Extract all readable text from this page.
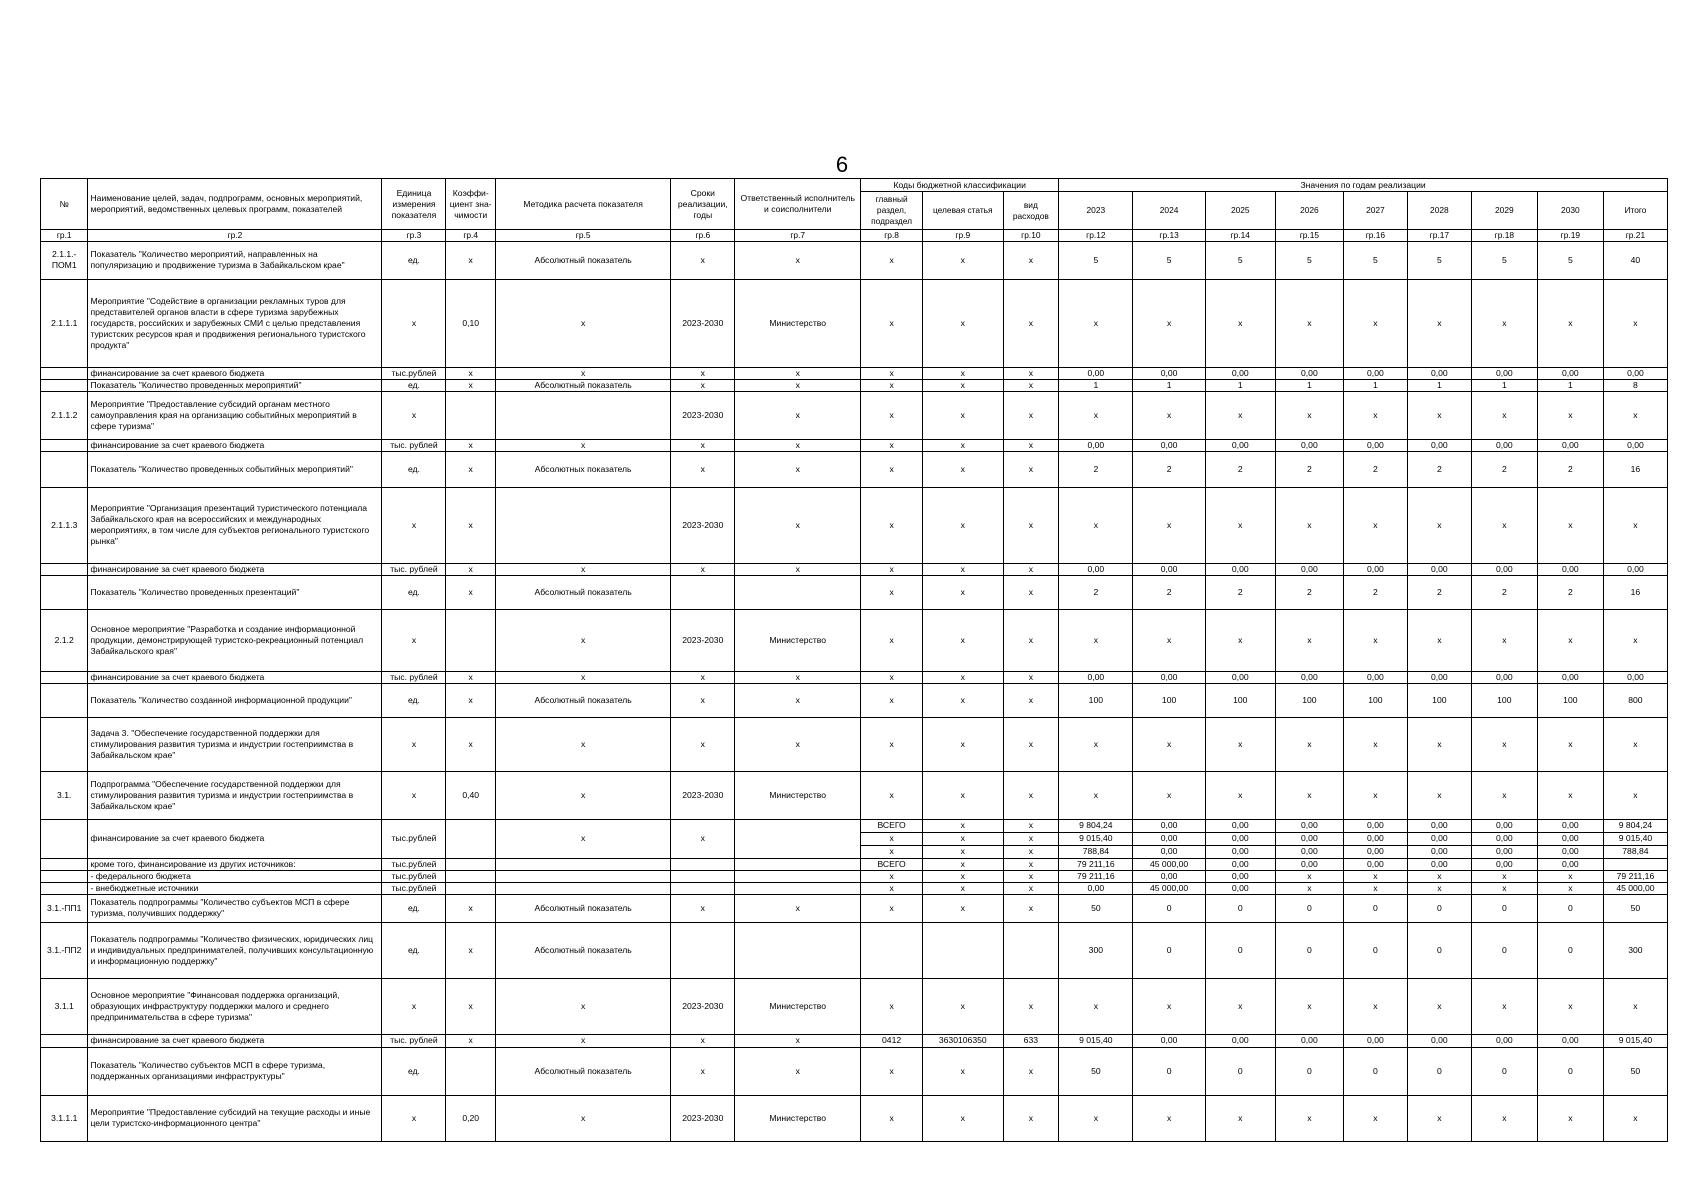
6
№	Наименование целей, задач, подпрограмм, основных мероприятий, мероприятий, ведомственных целевых программ, показателей	Единица измерения показателя	Коэффи-циент зна-чимости	Методика расчета показателя	Сроки реализации, годы	Ответственный исполнитель и соисполнители	Коды бюджетной классификации			Значения по годам реализации								
							главный раздел, подраздел	целевая статья	вид расходов	2023	2024	2025	2026	2027	2028	2029	2030	Итого
гр.1	гр.2	гр.3	гр.4	гр.5	гр.6	гр.7	гр.8	гр.9	гр.10	гр.12	гр.13	гр.14	гр.15	гр.16	гр.17	гр.18	гр.19	гр.21
2.1.1.-ПОМ1	Показатель "Количество мероприятий, направленных на популяризацию и продвижение туризма в Забайкальском крае"	ед.	х	Абсолютный показатель	х	х	х	х	х	5	5	5	5	5	5	5	5	40
2.1.1.1	Мероприятие "Содействие в организации рекламных туров для представителей органов власти в сфере туризма зарубежных государств, российских и зарубежных СМИ с целью представления туристских ресурсов края и продвижения регионального туристского продукта"	х	0,10	х	2023-2030	Министерство	х	х	х	х	х	х	х	х	х	х	х	х
	финансирование за счет краевого бюджета	тыс.рублей	х	х	х	х	х	х	х	0,00	0,00	0,00	0,00	0,00	0,00	0,00	0,00	0,00
	Показатель "Количество проведенных мероприятий"	ед.	х	Абсолютный показатель	х	х	х	х	х	1	1	1	1	1	1	1	1	8
2.1.1.2	Мероприятие "Предоставление субсидий органам местного самоуправления края на организацию событийных мероприятий в сфере туризма"	х			2023-2030	х	х	х	х	х	х	х	х	х	х	х	х	х
	финансирование за счет краевого бюджета	тыс. рублей	х	х	х	х	х	х	х	0,00	0,00	0,00	0,00	0,00	0,00	0,00	0,00	0,00
	Показатель "Количество проведенных событийных мероприятий"	ед.	х	Абсолютных показатель	х	х	х	х	х	2	2	2	2	2	2	2	2	16
2.1.1.3	Мероприятие "Организация презентаций туристического потенциала Забайкальского края на всероссийских и международных мероприятиях, в том числе для субъектов регионального туристского рынка"	х	х		2023-2030	х	х	х	х	х	х	х	х	х	х	х	х	х
	финансирование за счет краевого бюджета	тыс. рублей	х	х	х	х	х	х	х	0,00	0,00	0,00	0,00	0,00	0,00	0,00	0,00	0,00
	Показатель "Количество проведенных презентаций"	ед.	х	Абсолютный показатель			х	х	х	2	2	2	2	2	2	2	2	16
2.1.2	Основное мероприятие "Разработка и создание информационной продукции, демонстрирующей туристско-рекреационный потенциал Забайкальского края"	х		х	2023-2030	Министерство	х	х	х	х	х	х	х	х	х	х	х	х
	финансирование за счет краевого бюджета	тыс. рублей	х	х	х	х	х	х	х	0,00	0,00	0,00	0,00	0,00	0,00	0,00	0,00	0,00
	Показатель "Количество созданной информационной продукции"	ед.	х	Абсолютный показатель	х	х	х	х	х	100	100	100	100	100	100	100	100	800
	Задача 3. "Обеспечение государственной поддержки для стимулирования развития туризма и индустрии гостеприимства в Забайкальском крае"	х	х	х	х	х	х	х	х	х	х	х	х	х	х	х	х	х
3.1.	Подпрограмма "Обеспечение государственной поддержки для стимулирования развития туризма и индустрии гостеприимства в Забайкальском крае"	х	0,40	х	2023-2030	Министерство	х	х	х	х	х	х	х	х	х	х	х	х
	финансирование за счет краевого бюджета	тыс.рублей		х	х		ВСЕГО	х	х	9 804,24	0,00	0,00	0,00	0,00	0,00	0,00	0,00	9 804,24
							х	х	х	9 015,40	0,00	0,00	0,00	0,00	0,00	0,00	0,00	9 015,40
							х	х	х	788,84	0,00	0,00	0,00	0,00	0,00	0,00	0,00	788,84
	кроме того, финансирование из других источников:	тыс.рублей					ВСЕГО	х	х	79 211,16	45 000,00	0,00	0,00	0,00	0,00	0,00	0,00	
	- федерального бюджета	тыс.рублей					х	х	х	79 211,16	0,00	0,00	х	х	х	х	х	79 211,16
	- внебюджетные источники	тыс.рублей					х	х	х	0,00	45 000,00	0,00	х	х	х	х	х	45 000,00
3.1.-ПП1	Показатель подпрограммы "Количество субъектов МСП в сфере туризма, получивших поддержку"	ед.	х	Абсолютный показатель	х	х	х	х	х	50	0	0	0	0	0	0	0	50
3.1.-ПП2	Показатель подпрограммы "Количество физических, юридических лиц и индивидуальных предпринимателей, получивших консультационную и информационную поддержку"	ед.	х	Абсолютный показатель						300	0	0	0	0	0	0	0	300
3.1.1	Основное мероприятие "Финансовая поддержка организаций, образующих инфраструктуру поддержки малого и среднего предпринимательства в сфере туризма"	х	х	х	2023-2030	Министерство	х	х	х	х	х	х	х	х	х	х	х	х
	финансирование за счет краевого бюджета	тыс. рублей	х	х	х	х	0412	3630106350	633	9 015,40	0,00	0,00	0,00	0,00	0,00	0,00	0,00	9 015,40
	Показатель "Количество субъектов МСП в сфере туризма, поддержанных организациями инфраструктуры"	ед.		Абсолютный показатель	х	х	х	х	х	50	0	0	0	0	0	0	0	50
3.1.1.1	Мероприятие "Предоставление субсидий на текущие расходы и иные цели туристско-информационного центра"	х	0,20	х	2023-2030	Министерство	х	х	х	х	х	х	х	х	х	х	х	х
